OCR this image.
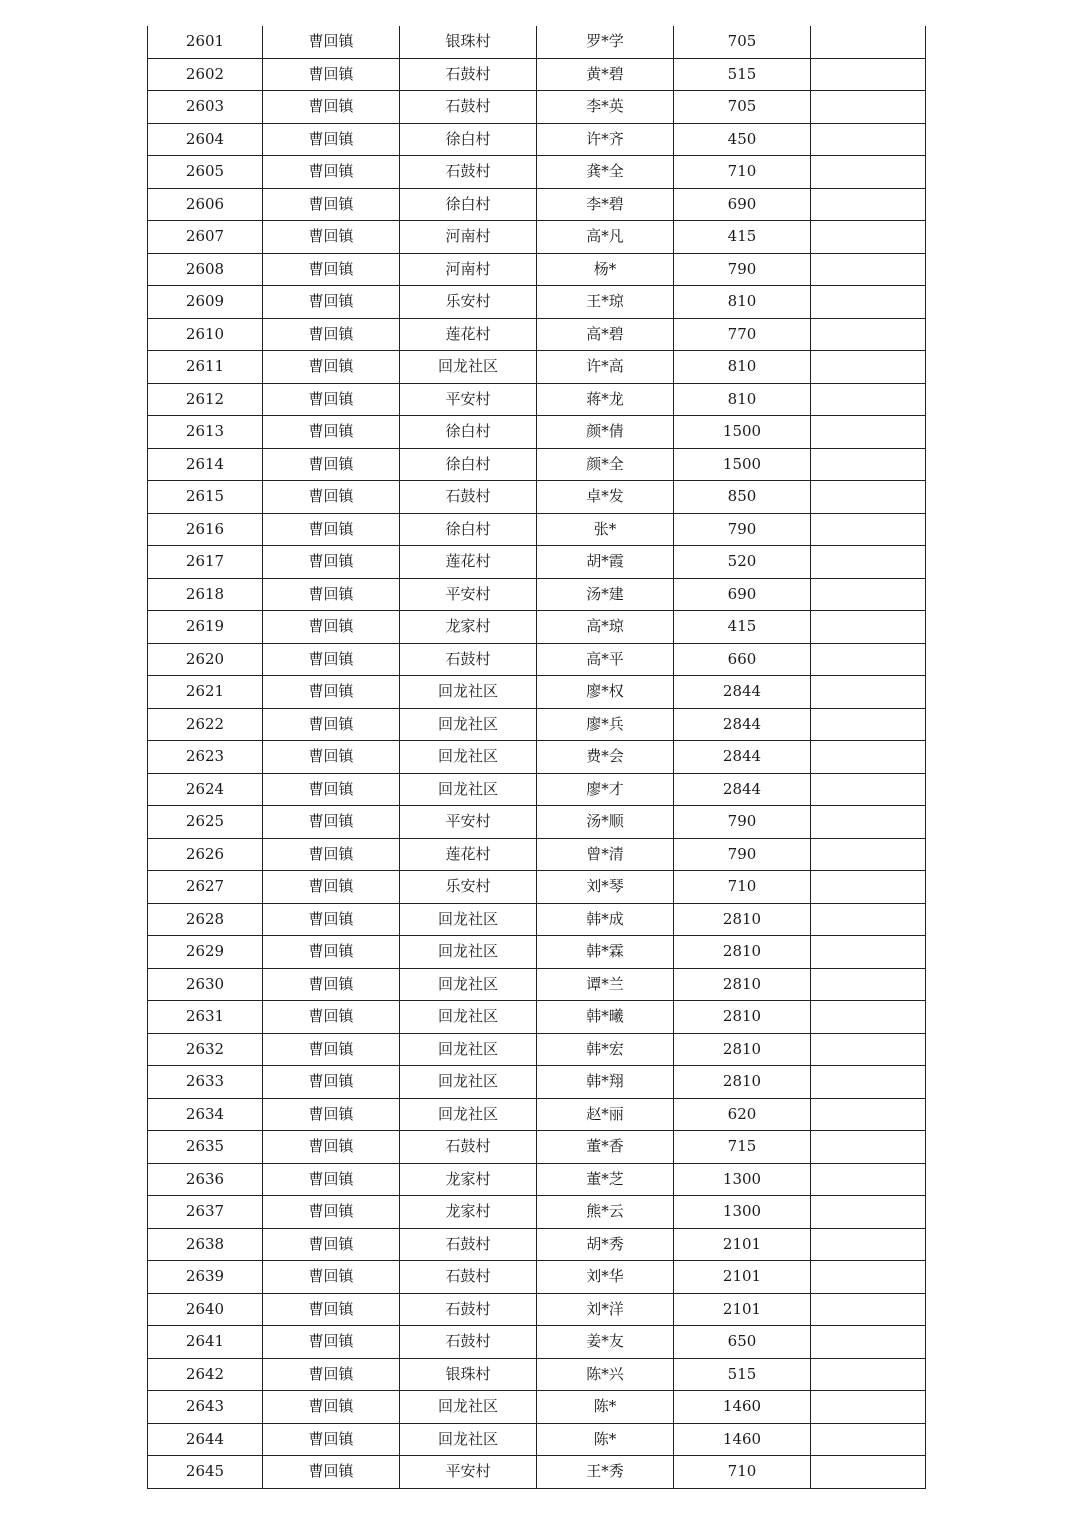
2601	曹回镇	银珠村	罗*学	705	
2602	曹回镇	石鼓村	黄*碧	515	
2603	曹回镇	石鼓村	李*英	705	
2604	曹回镇	徐白村	许*齐	450	
2605	曹回镇	石鼓村	龚*全	710	
2606	曹回镇	徐白村	李*碧	690	
2607	曹回镇	河南村	高*凡	415	
2608	曹回镇	河南村	杨*	790	
2609	曹回镇	乐安村	王*琼	810	
2610	曹回镇	莲花村	高*碧	770	
2611	曹回镇	回龙社区	许*高	810	
2612	曹回镇	平安村	蒋*龙	810	
2613	曹回镇	徐白村	颜*倩	1500	
2614	曹回镇	徐白村	颜*全	1500	
2615	曹回镇	石鼓村	卓*发	850	
2616	曹回镇	徐白村	张*	790	
2617	曹回镇	莲花村	胡*霞	520	
2618	曹回镇	平安村	汤*建	690	
2619	曹回镇	龙家村	高*琼	415	
2620	曹回镇	石鼓村	高*平	660	
2621	曹回镇	回龙社区	廖*权	2844	
2622	曹回镇	回龙社区	廖*兵	2844	
2623	曹回镇	回龙社区	费*会	2844	
2624	曹回镇	回龙社区	廖*才	2844	
2625	曹回镇	平安村	汤*顺	790	
2626	曹回镇	莲花村	曾*清	790	
2627	曹回镇	乐安村	刘*琴	710	
2628	曹回镇	回龙社区	韩*成	2810	
2629	曹回镇	回龙社区	韩*霖	2810	
2630	曹回镇	回龙社区	谭*兰	2810	
2631	曹回镇	回龙社区	韩*曦	2810	
2632	曹回镇	回龙社区	韩*宏	2810	
2633	曹回镇	回龙社区	韩*翔	2810	
2634	曹回镇	回龙社区	赵*丽	620	
2635	曹回镇	石鼓村	董*香	715	
2636	曹回镇	龙家村	董*芝	1300	
2637	曹回镇	龙家村	熊*云	1300	
2638	曹回镇	石鼓村	胡*秀	2101	
2639	曹回镇	石鼓村	刘*华	2101	
2640	曹回镇	石鼓村	刘*洋	2101	
2641	曹回镇	石鼓村	姜*友	650	
2642	曹回镇	银珠村	陈*兴	515	
2643	曹回镇	回龙社区	陈*	1460	
2644	曹回镇	回龙社区	陈*	1460	
2645	曹回镇	平安村	王*秀	710	
